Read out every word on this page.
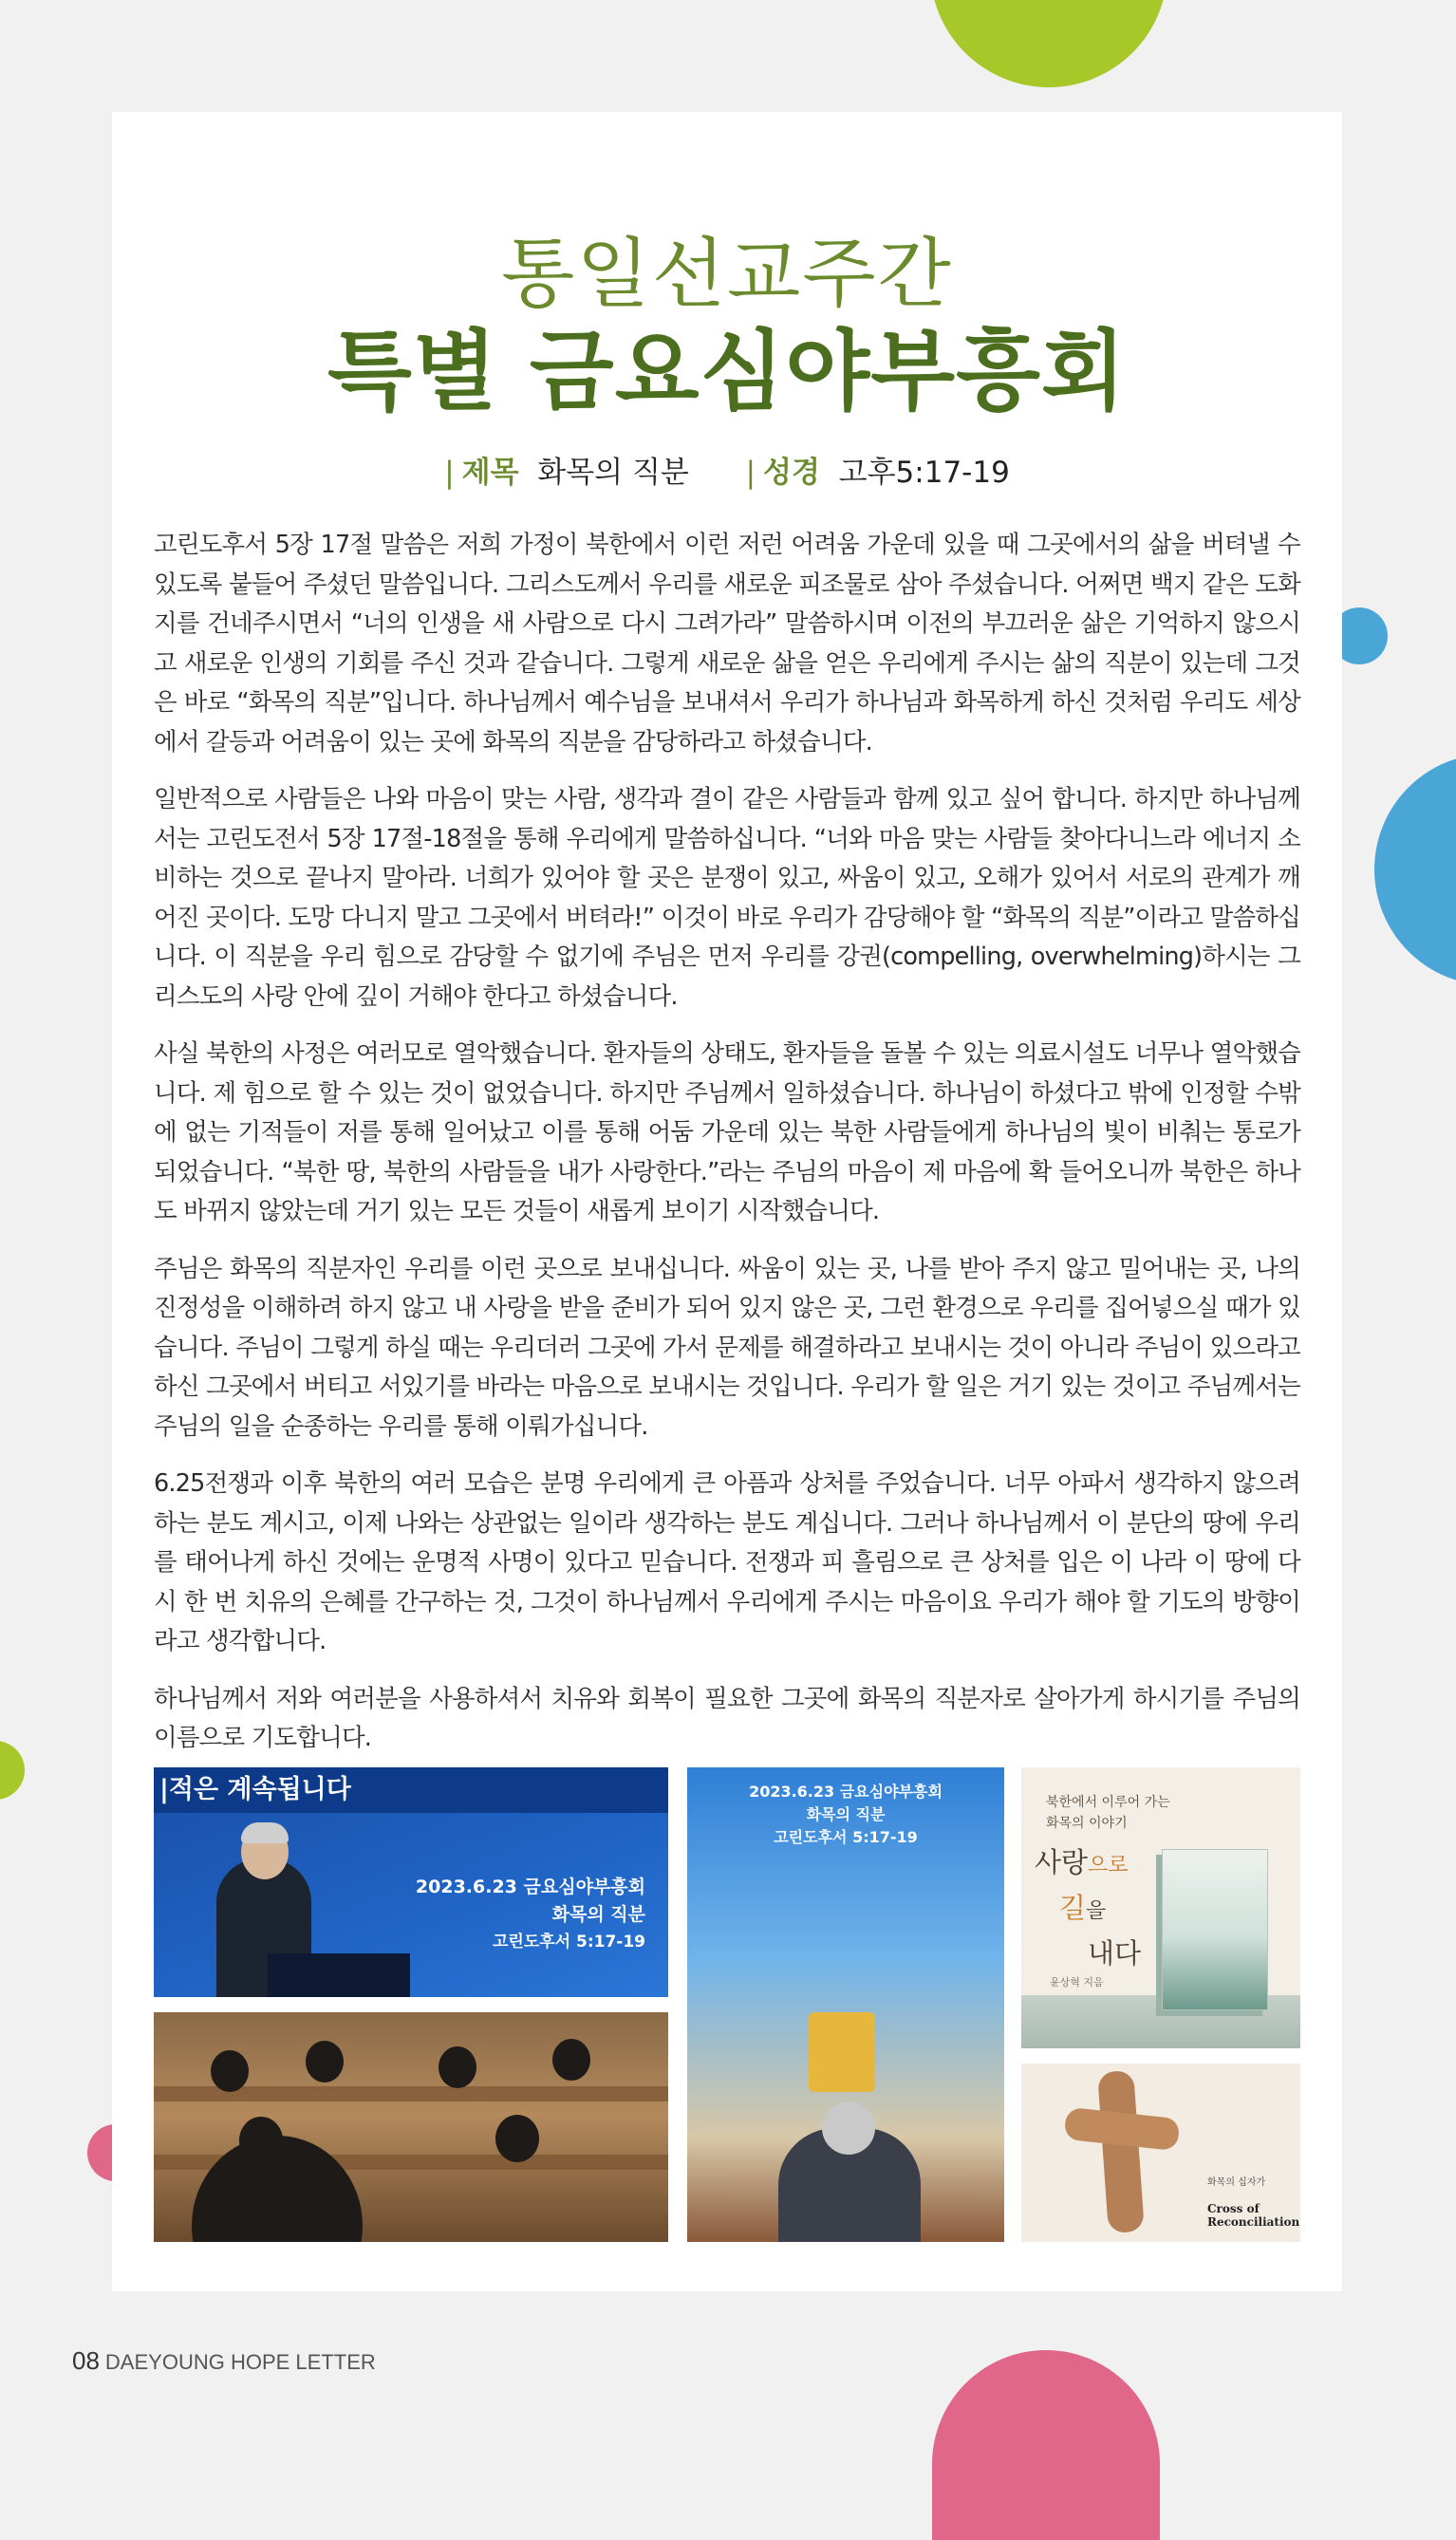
통일선교주간
특별 금요심야부흥회
| 제목 화목의 직분 | 성경 고후5:17-19

고린도후서 5장 17절 말씀은 저희 가정이 북한에서 이런 저런 어려움 가운데 있을 때 그곳에서의 삶을 버텨낼 수 있도록 붙들어 주셨던 말씀입니다. 그리스도께서 우리를 새로운 피조물로 삼아 주셨습니다. 어쩌면 백지 같은 도화지를 건네주시면서 “너의 인생을 새 사람으로 다시 그려가라” 말씀하시며 이전의 부끄러운 삶은 기억하지 않으시고 새로운 인생의 기회를 주신 것과 같습니다. 그렇게 새로운 삶을 얻은 우리에게 주시는 삶의 직분이 있는데 그것은 바로 “화목의 직분”입니다. 하나님께서 예수님을 보내셔서 우리가 하나님과 화목하게 하신 것처럼 우리도 세상에서 갈등과 어려움이 있는 곳에 화목의 직분을 감당하라고 하셨습니다.

일반적으로 사람들은 나와 마음이 맞는 사람, 생각과 결이 같은 사람들과 함께 있고 싶어 합니다. 하지만 하나님께서는 고린도전서 5장 17절-18절을 통해 우리에게 말씀하십니다. “너와 마음 맞는 사람들 찾아다니느라 에너지 소비하는 것으로 끝나지 말아라. 너희가 있어야 할 곳은 분쟁이 있고, 싸움이 있고, 오해가 있어서 서로의 관계가 깨어진 곳이다. 도망 다니지 말고 그곳에서 버텨라!” 이것이 바로 우리가 감당해야 할 “화목의 직분”이라고 말씀하십니다. 이 직분을 우리 힘으로 감당할 수 없기에 주님은 먼저 우리를 강권(compelling, overwhelming)하시는 그리스도의 사랑 안에 깊이 거해야 한다고 하셨습니다.

사실 북한의 사정은 여러모로 열악했습니다. 환자들의 상태도, 환자들을 돌볼 수 있는 의료시설도 너무나 열악했습니다. 제 힘으로 할 수 있는 것이 없었습니다. 하지만 주님께서 일하셨습니다. 하나님이 하셨다고 밖에 인정할 수밖에 없는 기적들이 저를 통해 일어났고 이를 통해 어둠 가운데 있는 북한 사람들에게 하나님의 빛이 비춰는 통로가 되었습니다. “북한 땅, 북한의 사람들을 내가 사랑한다.”라는 주님의 마음이 제 마음에 확 들어오니까 북한은 하나도 바뀌지 않았는데 거기 있는 모든 것들이 새롭게 보이기 시작했습니다.

주님은 화목의 직분자인 우리를 이런 곳으로 보내십니다. 싸움이 있는 곳, 나를 받아 주지 않고 밀어내는 곳, 나의 진정성을 이해하려 하지 않고 내 사랑을 받을 준비가 되어 있지 않은 곳, 그런 환경으로 우리를 집어넣으실 때가 있습니다. 주님이 그렇게 하실 때는 우리더러 그곳에 가서 문제를 해결하라고 보내시는 것이 아니라 주님이 있으라고 하신 그곳에서 버티고 서있기를 바라는 마음으로 보내시는 것입니다. 우리가 할 일은 거기 있는 것이고 주님께서는 주님의 일을 순종하는 우리를 통해 이뤄가십니다.

6.25전쟁과 이후 북한의 여러 모습은 분명 우리에게 큰 아픔과 상처를 주었습니다. 너무 아파서 생각하지 않으려 하는 분도 계시고, 이제 나와는 상관없는 일이라 생각하는 분도 계십니다. 그러나 하나님께서 이 분단의 땅에 우리를 태어나게 하신 것에는 운명적 사명이 있다고 믿습니다. 전쟁과 피 흘림으로 큰 상처를 입은 이 나라 이 땅에 다시 한 번 치유의 은혜를 간구하는 것, 그것이 하나님께서 우리에게 주시는 마음이요 우리가 해야 할 기도의 방향이라고 생각합니다.

하나님께서 저와 여러분을 사용하셔서 치유와 회복이 필요한 그곳에 화목의 직분자로 살아가게 하시기를 주님의 이름으로 기도합니다.

|적은 계속됩니다
2023.6.23 금요심야부흥회
화목의 직분
고린도후서 5:17-19
2023.6.23 금요심야부흥회
화목의 직분
고린도후서 5:17-19
북한에서 이루어 가는
화목의 이야기
사랑으로
길을
내다
윤상혁 지음
화목의 십자가
Cross of Reconciliation
08 DAEYOUNG HOPE LETTER
